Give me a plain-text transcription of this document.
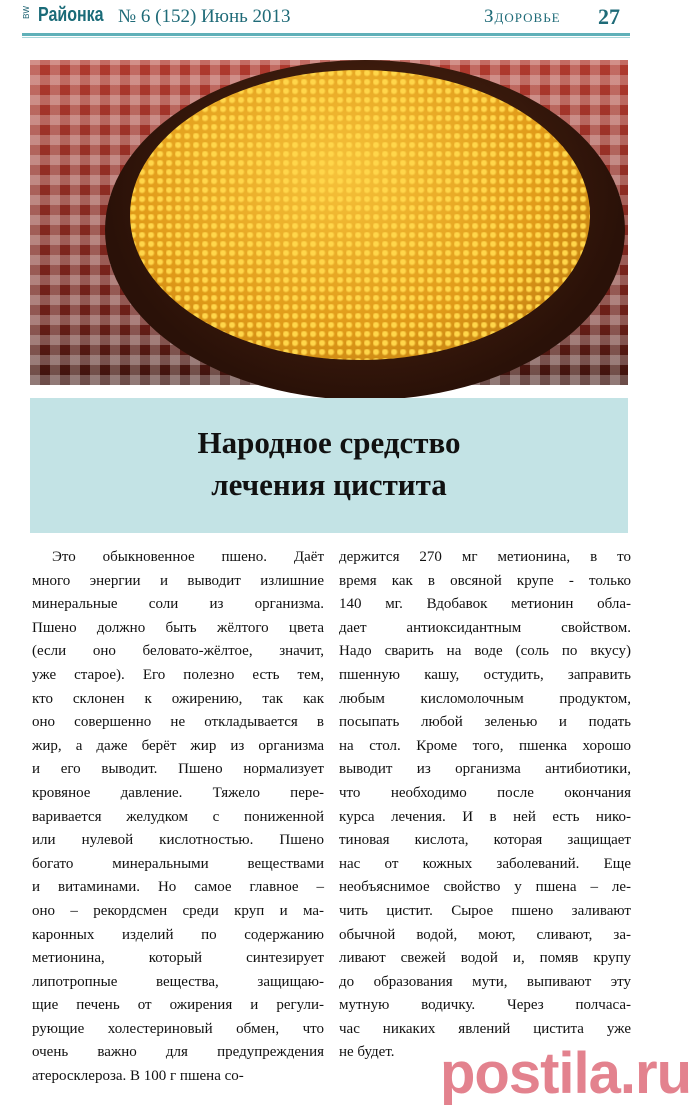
BW Районка № 6 (152) Июнь 2013	Здоровье 27
Народное средство
лечения цистита
Это обыкновенное пшено. Даёт
много энергии и выводит излишние
минеральные соли из организма.
Пшено должно быть жёлтого цвета
(если оно беловато-жёлтое, значит,
уже старое). Его полезно есть тем,
кто склонен к ожирению, так как
оно совершенно не откладывается в
жир, а даже берёт жир из организма
и его выводит. Пшено нормализует
кровяное давление. Тяжело пере-
варивается желудком с пониженной
или нулевой кислотностью. Пшено
богато минеральными веществами
и витаминами. Но самое главное –
оно – рекордсмен среди круп и ма-
каронных изделий по содержанию
метионина, который синтезирует
липотропные вещества, защищаю-
щие печень от ожирения и регули-
рующие холестериновый обмен, что
очень важно для предупреждения
атеросклероза. В 100 г пшена со-
держится 270 мг метионина, в то
время как в овсяной крупе - только
140 мг. Вдобавок метионин обла-
дает антиоксидантным свойством.
Надо сварить на воде (соль по вкусу)
пшенную кашу, остудить, заправить
любым кисломолочным продуктом,
посыпать любой зеленью и подать
на стол. Кроме того, пшенка хорошо
выводит из организма антибиотики,
что необходимо после окончания
курса лечения. И в ней есть нико-
тиновая кислота, которая защищает
нас от кожных заболеваний. Еще
необъяснимое свойство у пшена – ле-
чить цистит. Сырое пшено заливают
обычной водой, моют, сливают, за-
ливают свежей водой и, помяв крупу
до образования мути, выпивают эту
мутную водичку. Через полчаса-
час никаких явлений цистита уже
не будет. postila.ru
